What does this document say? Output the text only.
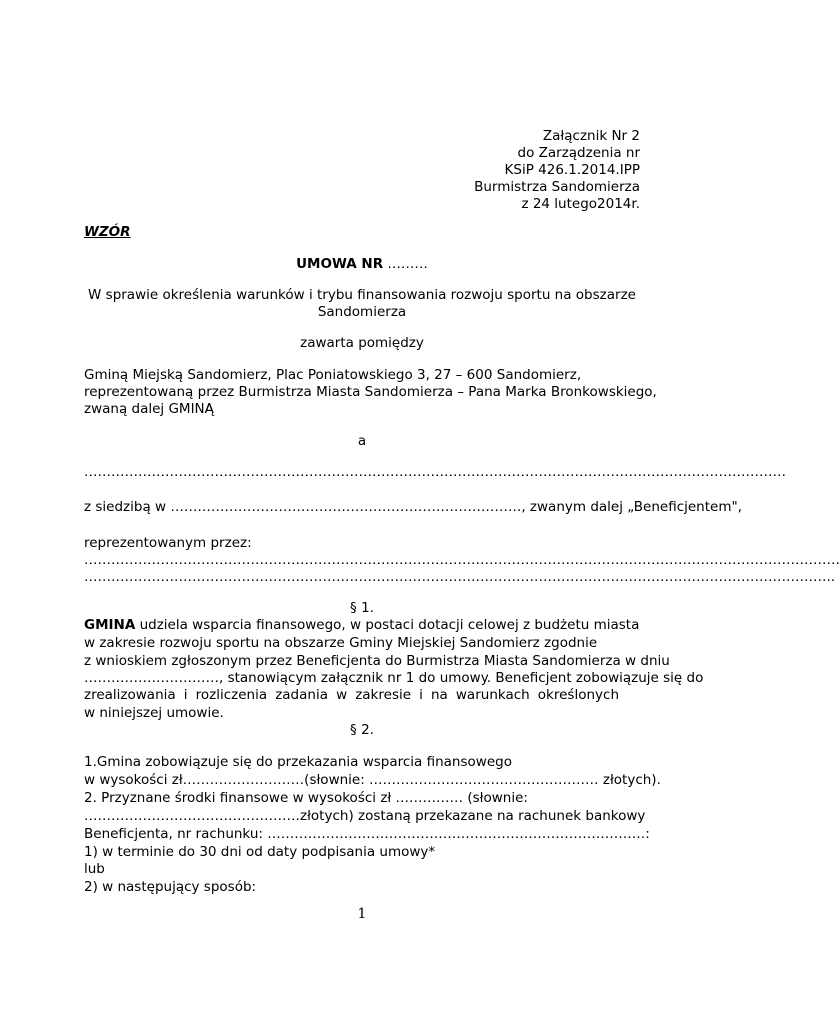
Załącznik Nr 2
do Zarządzenia nr
KSiP 426.1.2014.IPP
Burmistrza Sandomierza
z 24 lutego2014r.
WZÓR
UMOWA NR ………
W sprawie określenia warunków i trybu finansowania rozwoju sportu na obszarze
Sandomierza
zawarta pomiędzy
Gminą Miejską Sandomierz, Plac Poniatowskiego 3, 27 – 600 Sandomierz,
reprezentowaną przez Burmistrza Miasta Sandomierza – Pana Marka Bronkowskiego,
zwaną dalej GMINĄ
a
…………………………………………………………………………………………………………………………………………
z siedzibą w ……………………………………………………………………, zwanym dalej „Beneficjentem",
reprezentowanym przez:
……………………………………………………………………………………………………………………………………………………
…………………………………………………………………………………………………………………………………………………..
§ 1.
GMINA udziela wsparcia finansowego, w postaci dotacji celowej z budżetu miasta
w zakresie rozwoju sportu na obszarze Gminy Miejskiej Sandomierz zgodnie
z wnioskiem zgłoszonym przez Beneficjenta do Burmistrza Miasta Sandomierza w dniu
…………………………, stanowiącym załącznik nr 1 do umowy. Beneficjent zobowiązuje się do
zrealizowania i rozliczenia zadania w zakresie i na warunkach określonych
w niniejszej umowie.
§ 2.
1.Gmina zobowiązuje się do przekazania wsparcia finansowego
w wysokości zł………………………(słownie: …………………………………………… złotych).
2. Przyznane środki finansowe w wysokości zł …………… (słownie:
…………………………………………złotych) zostaną przekazane na rachunek bankowy
Beneficjenta, nr rachunku: …………………………………………………………………………:
1) w terminie do 30 dni od daty podpisania umowy*
lub
2) w następujący sposób:
1
